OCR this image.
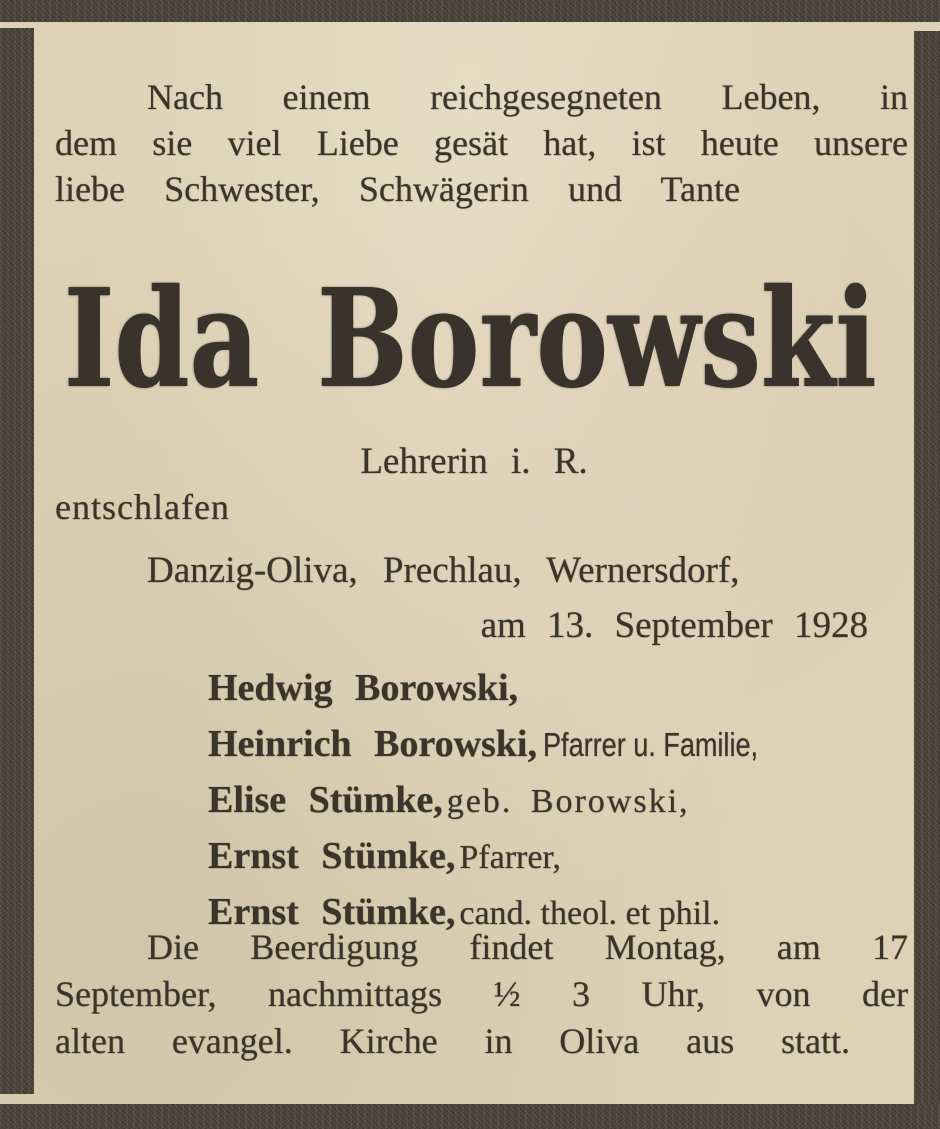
Nach einem reichgesegneten Leben, in
dem sie viel Liebe gesät hat, ist heute unsere
liebe Schwester, Schwägerin und Tante
Ida Borowski
Lehrerin i. R.
entschlafen
Danzig-Oliva, Prechlau, Wernersdorf,
am 13. September 1928
Hedwig Borowski,
Heinrich Borowski, Pfarrer u. Familie,
Elise Stümke, geb. Borowski,
Ernst Stümke, Pfarrer,
Ernst Stümke, cand. theol. et phil.
Die Beerdigung findet Montag, am 17
September, nachmittags ½ 3 Uhr, von der
alten evangel. Kirche in Oliva aus statt.
